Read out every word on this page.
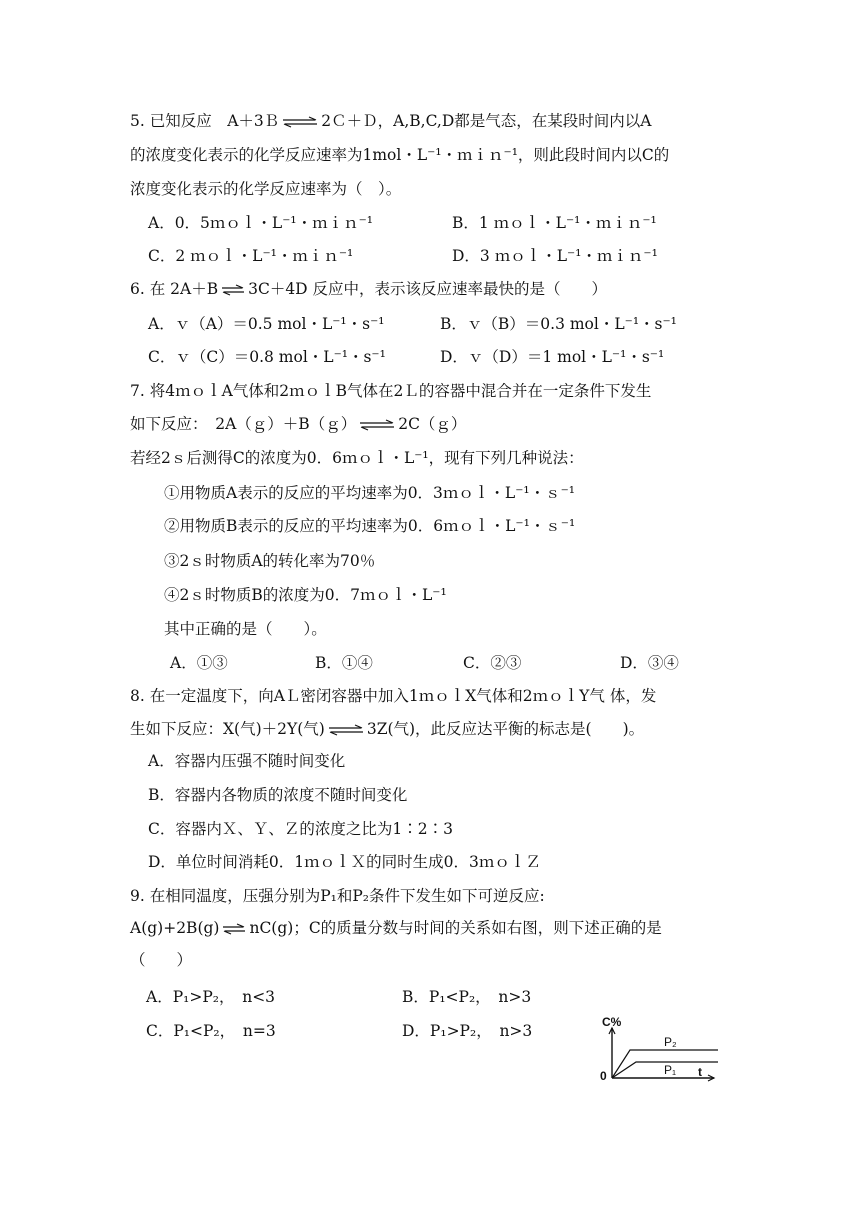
5. 已知反应　A＋3Ｂ ⇌ 2Ｃ＋Ｄ，A,B,C,D都是气态，在某段时间内以A
的浓度变化表示的化学反应速率为1mol・L⁻¹・ｍｉｎ⁻¹，则此段时间内以C的
浓度变化表示的化学反应速率为（　）。
A．0．5ｍｏｌ・L⁻¹・ｍｉｎ⁻¹	B．1 ｍｏｌ・L⁻¹・ｍｉｎ⁻¹
C．2 ｍｏｌ・L⁻¹・ｍｉｎ⁻¹	D．3 ｍｏｌ・L⁻¹・ｍｉｎ⁻¹
6. 在 2A＋B ⇌ 3C＋4D 反应中，表示该反应速率最快的是（　　）
A．ｖ（A）＝0.5 mol・L⁻¹・s⁻¹	B．ｖ（B）＝0.3 mol・L⁻¹・s⁻¹
C．ｖ（C）＝0.8 mol・L⁻¹・s⁻¹	D．ｖ（D）＝1 mol・L⁻¹・s⁻¹
7. 将4ｍｏｌA气体和2ｍｏｌB气体在2Ｌ的容器中混合并在一定条件下发生
如下反应：　2A（ｇ）＋B（ｇ） ⇌ 2C（ｇ）
若经2ｓ后测得C的浓度为0．6ｍｏｌ・L⁻¹，现有下列几种说法：
①用物质A表示的反应的平均速率为0．3ｍｏｌ・L⁻¹・ｓ⁻¹
②用物质B表示的反应的平均速率为0．6ｍｏｌ・L⁻¹・ｓ⁻¹
③2ｓ时物质A的转化率为70％
④2ｓ时物质B的浓度为0．7ｍｏｌ・L⁻¹
其中正确的是（　　）。
A．①③	B．①④	C．②③	D．③④
8. 在一定温度下，向AＬ密闭容器中加入1ｍｏｌX气体和2ｍｏｌY气 体，发
生如下反应：X(气)＋2Y(气) ⇌ 3Z(气)，此反应达平衡的标志是(　　)。
A．容器内压强不随时间变化
B．容器内各物质的浓度不随时间变化
C．容器内Ｘ、Ｙ、Ｚ的浓度之比为1∶2∶3
D．单位时间消耗0．1ｍｏｌＸ的同时生成0．3ｍｏｌＺ
9. 在相同温度，压强分别为P₁和P₂条件下发生如下可逆反应:
A(g)+2B(g) ⇌ nC(g)；C的质量分数与时间的关系如右图，则下述正确的是
（　　）
A．P₁>P₂，　n<3	B．P₁<P₂，　n>3
C．P₁<P₂，　n=3	D．P₁>P₂，　n>3	C%
0	t
P₂
P₁
